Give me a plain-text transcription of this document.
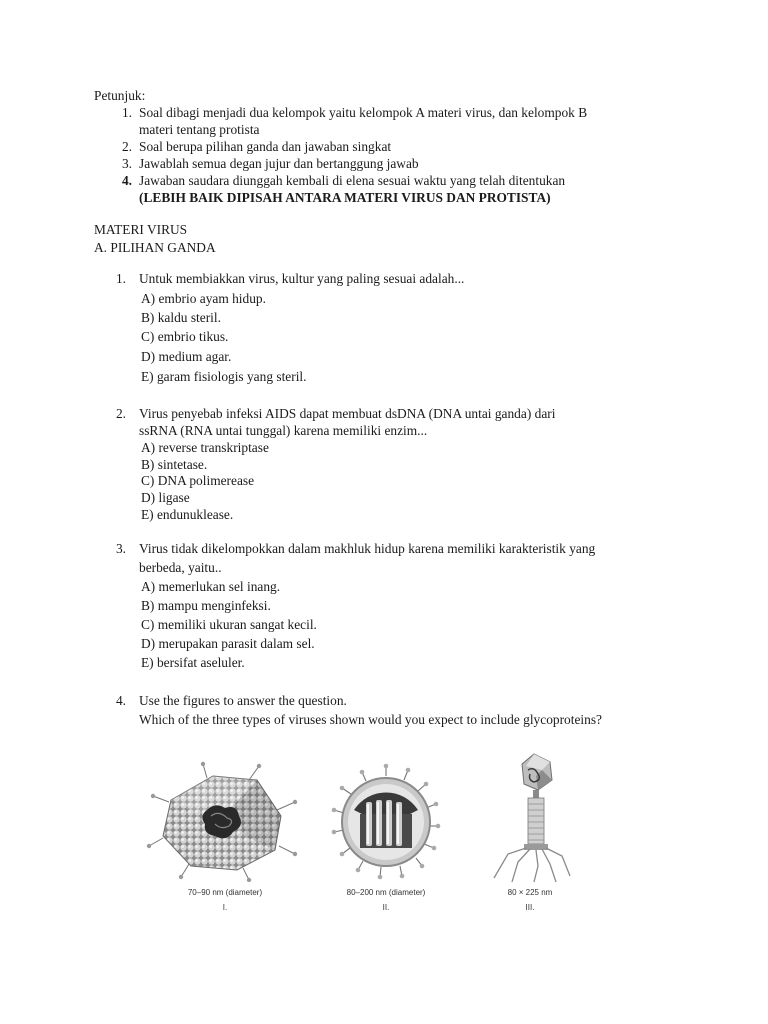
Petunjuk:
1. Soal dibagi menjadi dua kelompok yaitu kelompok A materi virus, dan kelompok B
materi tentang protista
2. Soal berupa pilihan ganda dan jawaban singkat
3. Jawablah semua degan jujur dan bertanggung jawab
4. Jawaban saudara diunggah kembali di elena sesuai waktu yang telah ditentukan
(LEBIH BAIK DIPISAH ANTARA MATERI VIRUS DAN PROTISTA)
MATERI VIRUS
A. PILIHAN GANDA
1. Untuk membiakkan virus, kultur yang paling sesuai adalah...
A) embrio ayam hidup.
B) kaldu steril.
C) embrio tikus.
D) medium agar.
E) garam fisiologis yang steril.
2. Virus penyebab infeksi AIDS dapat membuat dsDNA (DNA untai ganda) dari
ssRNA (RNA untai tunggal) karena memiliki enzim...
A) reverse transkriptase
B) sintetase.
C) DNA polimerease
D) ligase
E) endunuklease.
3. Virus tidak dikelompokkan dalam makhluk hidup karena memiliki karakteristik yang
berbeda, yaitu..
A) memerlukan sel inang.
B) mampu menginfeksi.
C) memiliki ukuran sangat kecil.
D) merupakan parasit dalam sel.
E) bersifat aseluler.
4. Use the figures to answer the question.
Which of the three types of viruses shown would you expect to include glycoproteins?
70–90 nm (diameter)
I.
80–200 nm (diameter)
II.
80 × 225 nm
III.
